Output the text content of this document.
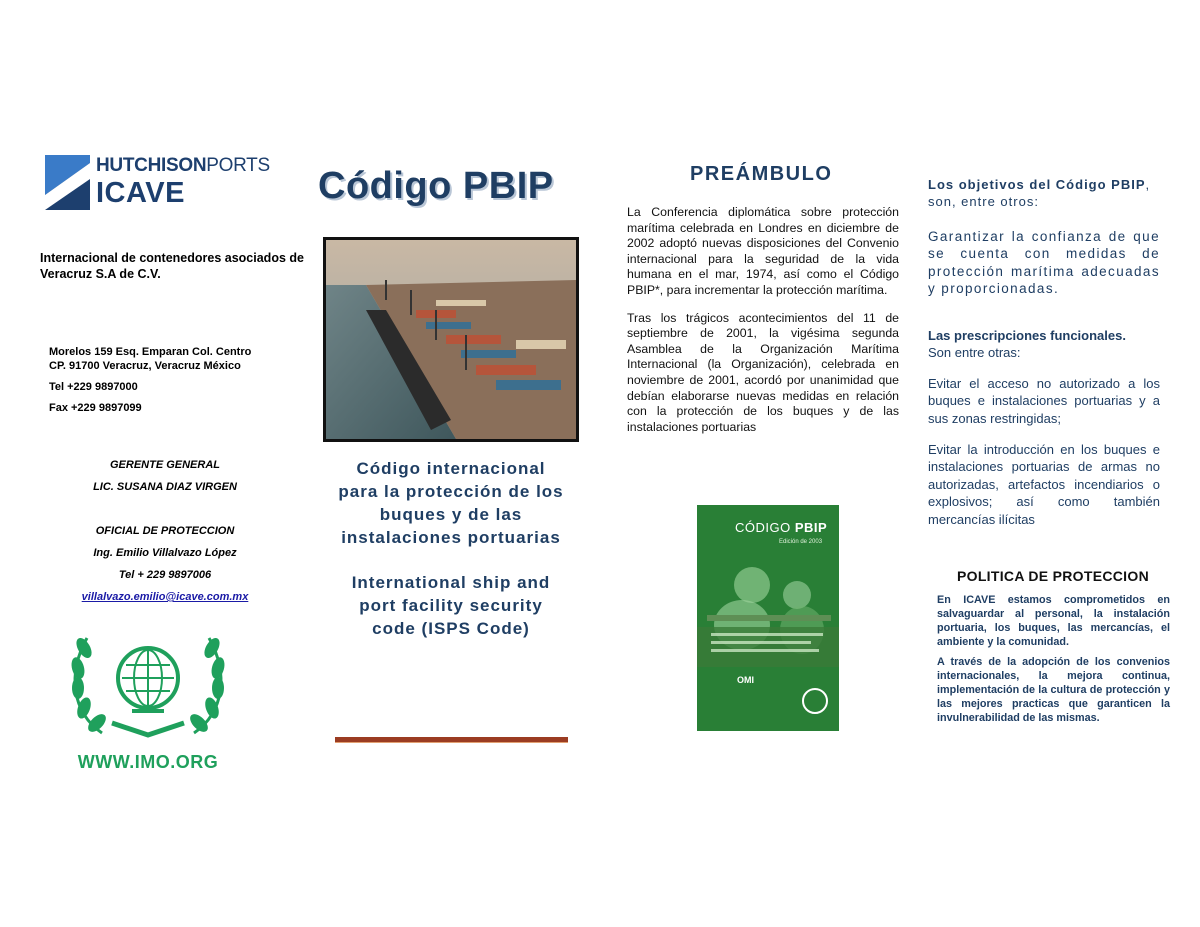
HUTCHISONPORTS
ICAVE
Internacional de contenedores asociados de Veracruz S.A de C.V.
Morelos 159 Esq. Emparan Col. Centro
CP. 91700 Veracruz, Veracruz México
Tel +229 9897000
Fax +229 9897099
GERENTE GENERAL
LIC. SUSANA DIAZ VIRGEN
OFICIAL DE PROTECCION
Ing. Emilio Villalvazo López
Tel + 229 9897006
villalvazo.emilio@icave.com.mx
WWW.IMO.ORG
Código PBIP
Código internacional para la protección de los buques y de las instalaciones portuarias
International ship and port facility security code (ISPS Code)
PREÁMBULO

La Conferencia diplomática sobre protección marítima celebrada en Londres en diciembre de 2002 adoptó nuevas disposiciones del Convenio internacional para la seguridad de la vida humana en el mar, 1974, así como el Código PBIP*, para incrementar la protección marítima.

Tras los trágicos acontecimientos del 11 de septiembre de 2001, la vigésima segunda Asamblea de la Organización Marítima Internacional (la Organización), celebrada en noviembre de 2001, acordó por unanimidad que debían elaborarse nuevas medidas en relación con la protección de los buques y de las instalaciones portuarias

CÓDIGO PBIP
Edición de 2003
OMI
Los objetivos del Código PBIP, son, entre otros:
Garantizar la confianza de que se cuenta con medidas de protección marítima adecuadas y proporcionadas.
Las prescripciones funcionales.
Son entre otras:
Evitar el acceso no autorizado a los buques e instalaciones portuarias y a sus zonas restringidas;
Evitar la introducción en los buques e instalaciones portuarias de armas no autorizadas, artefactos incendiarios o explosivos; así como también mercancías ilícitas
POLITICA DE PROTECCION

En ICAVE estamos comprometidos en salvaguardar al personal, la instalación portuaria, los buques, las mercancías, el ambiente y la comunidad.

A través de la adopción de los convenios internacionales, la mejora continua, implementación de la cultura de protección y las mejores practicas que garanticen la invulnerabilidad de las mismas.
